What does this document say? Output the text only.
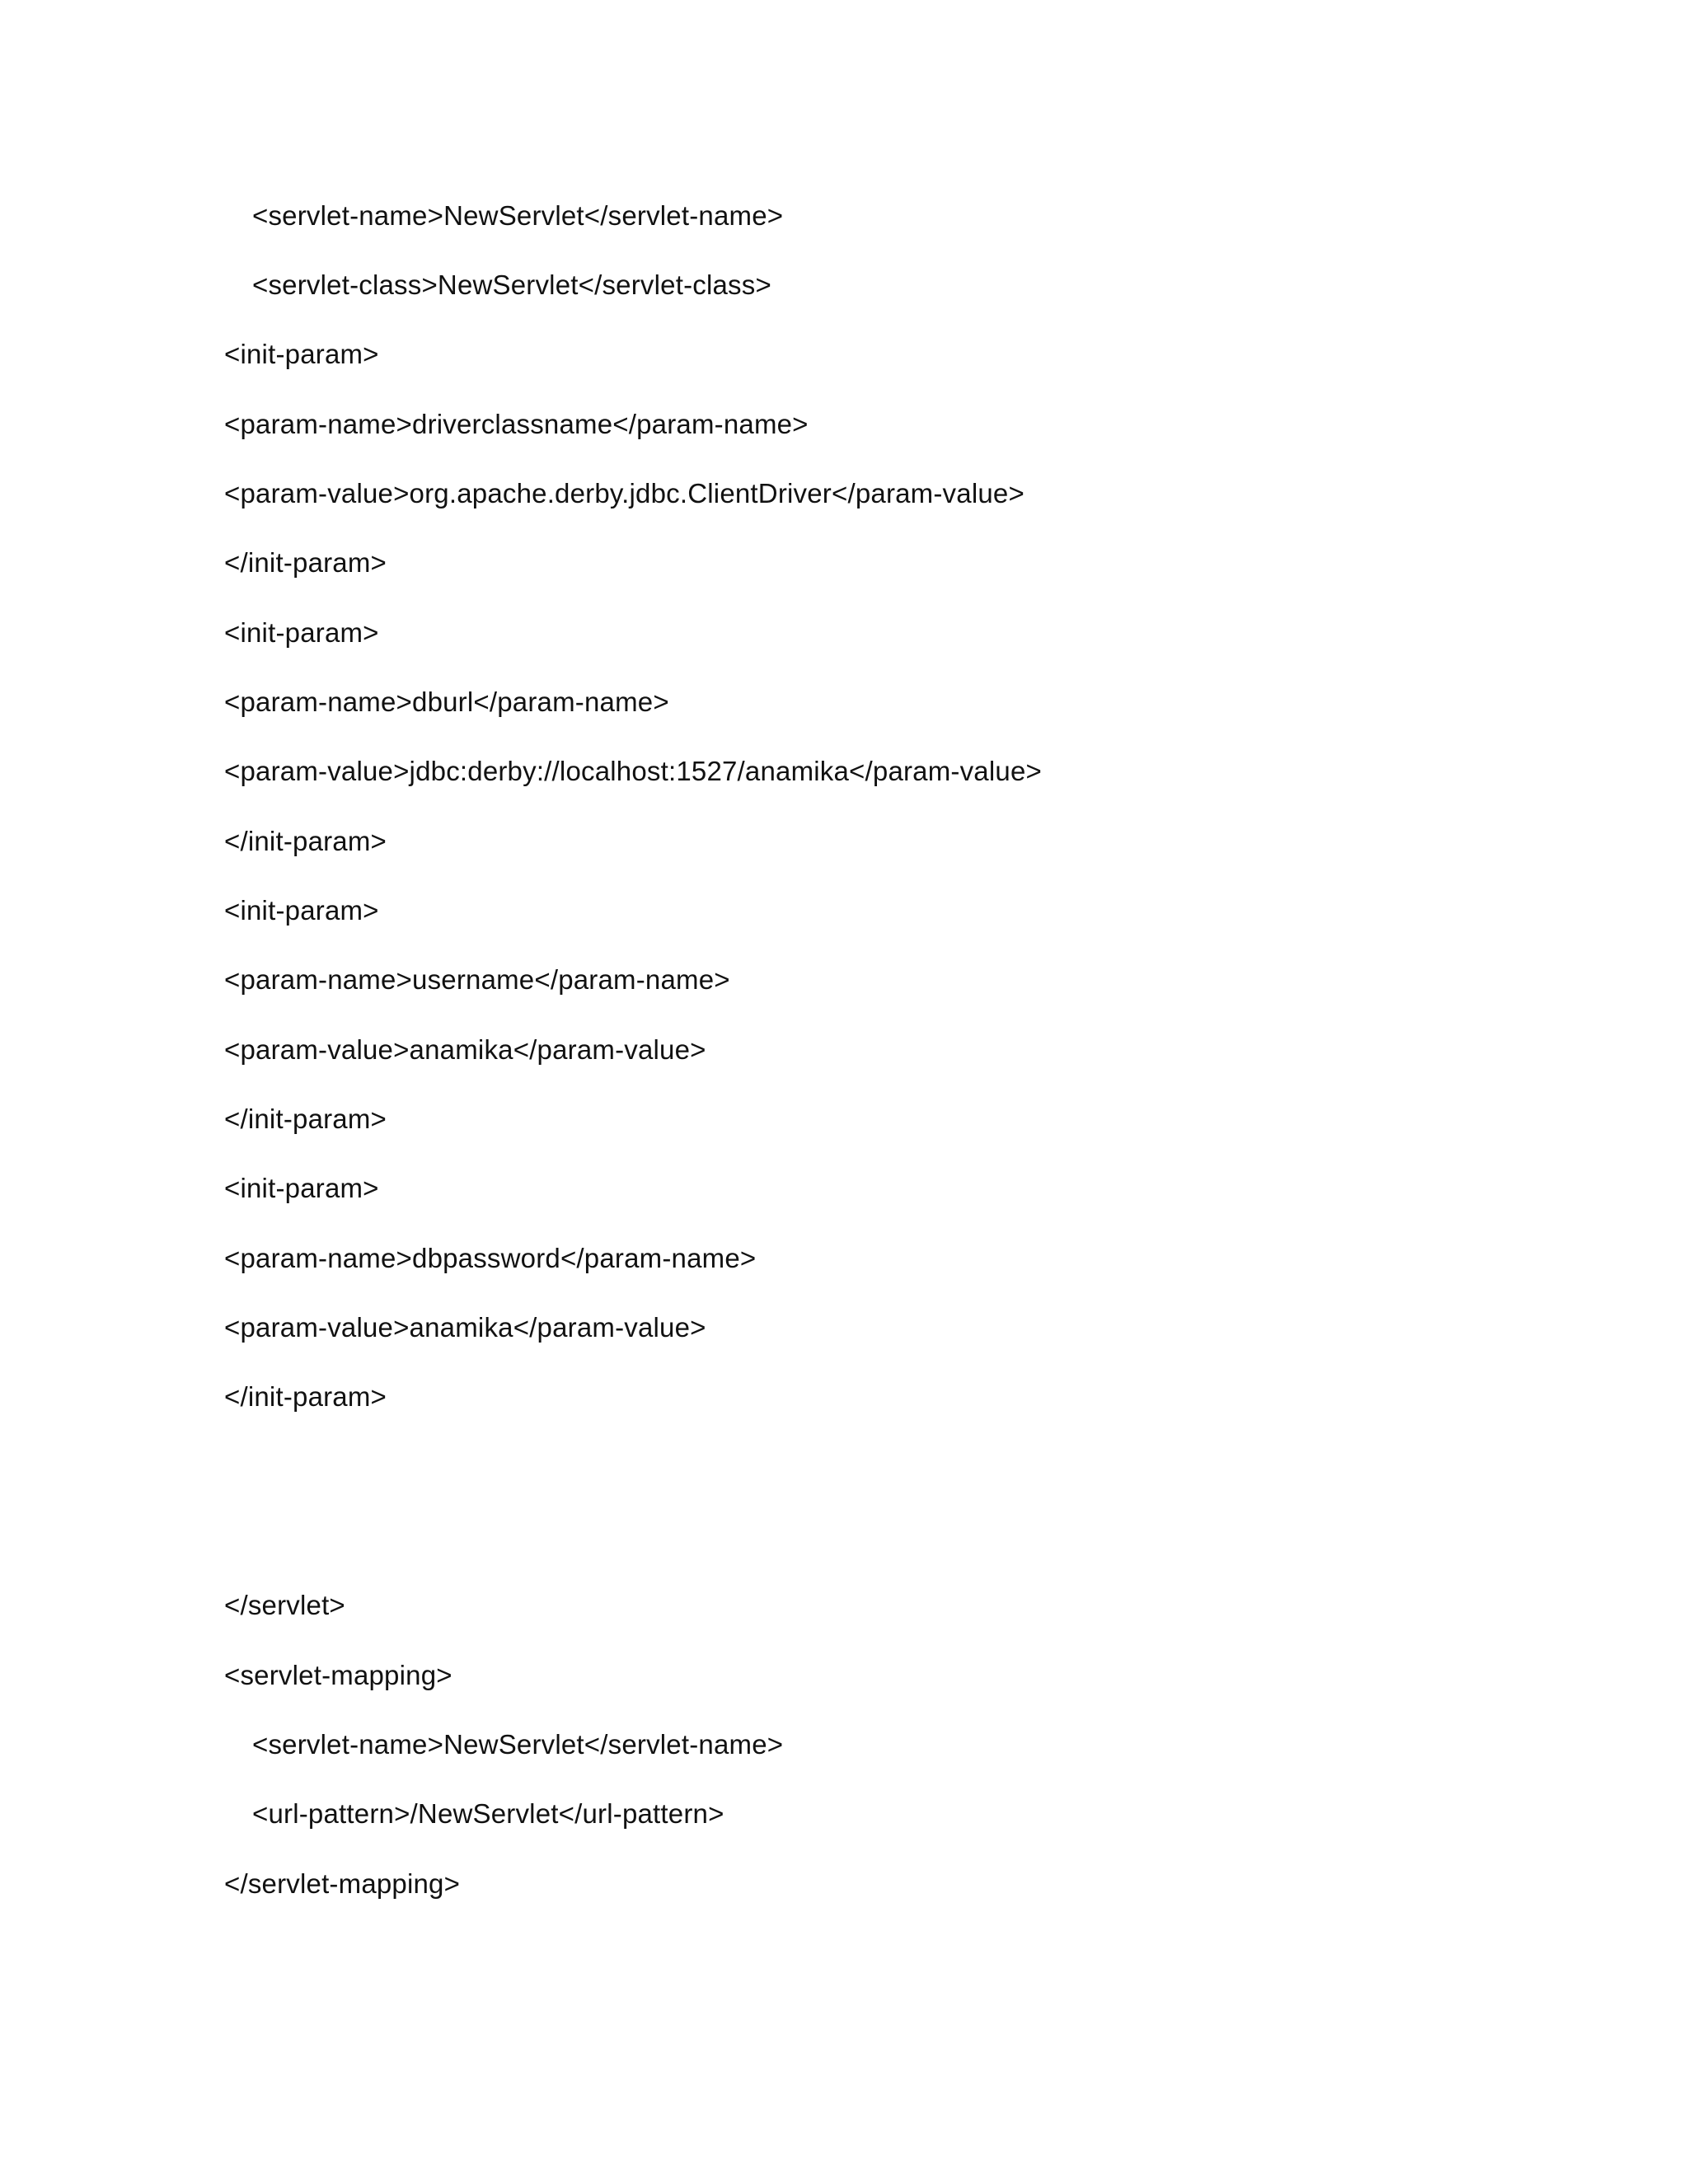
<servlet-name>NewServlet</servlet-name>
<servlet-class>NewServlet</servlet-class>
<init-param>
<param-name>driverclassname</param-name>
<param-value>org.apache.derby.jdbc.ClientDriver</param-value>
</init-param>
<init-param>
<param-name>dburl</param-name>
<param-value>jdbc:derby://localhost:1527/anamika</param-value>
</init-param>
<init-param>
<param-name>username</param-name>
<param-value>anamika</param-value>
</init-param>
<init-param>
<param-name>dbpassword</param-name>
<param-value>anamika</param-value>
</init-param>
</servlet>
<servlet-mapping>
<servlet-name>NewServlet</servlet-name>
<url-pattern>/NewServlet</url-pattern>
</servlet-mapping>
